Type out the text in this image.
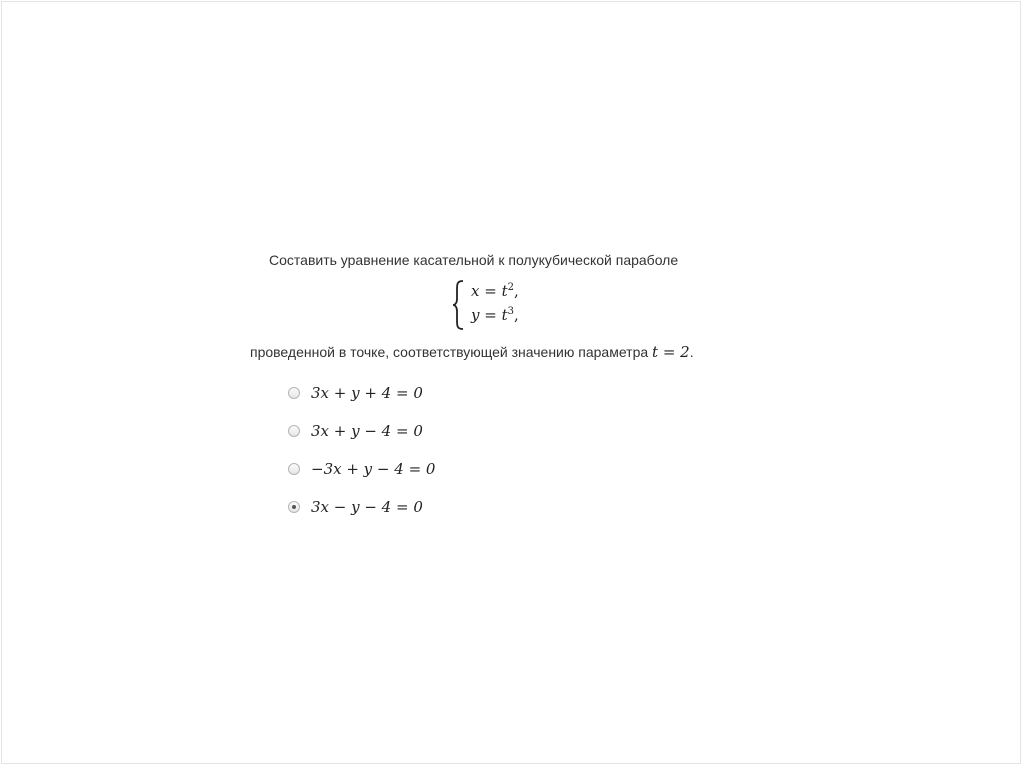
Составить уравнение касательной к полукубической параболе
$x = t^2$,
$y = t^3$,
проведенной в точке, соответствующей значению параметра t = 2.
3x + y + 4 = 0
3x + y − 4 = 0
−3x + y − 4 = 0
3x − y − 4 = 0
